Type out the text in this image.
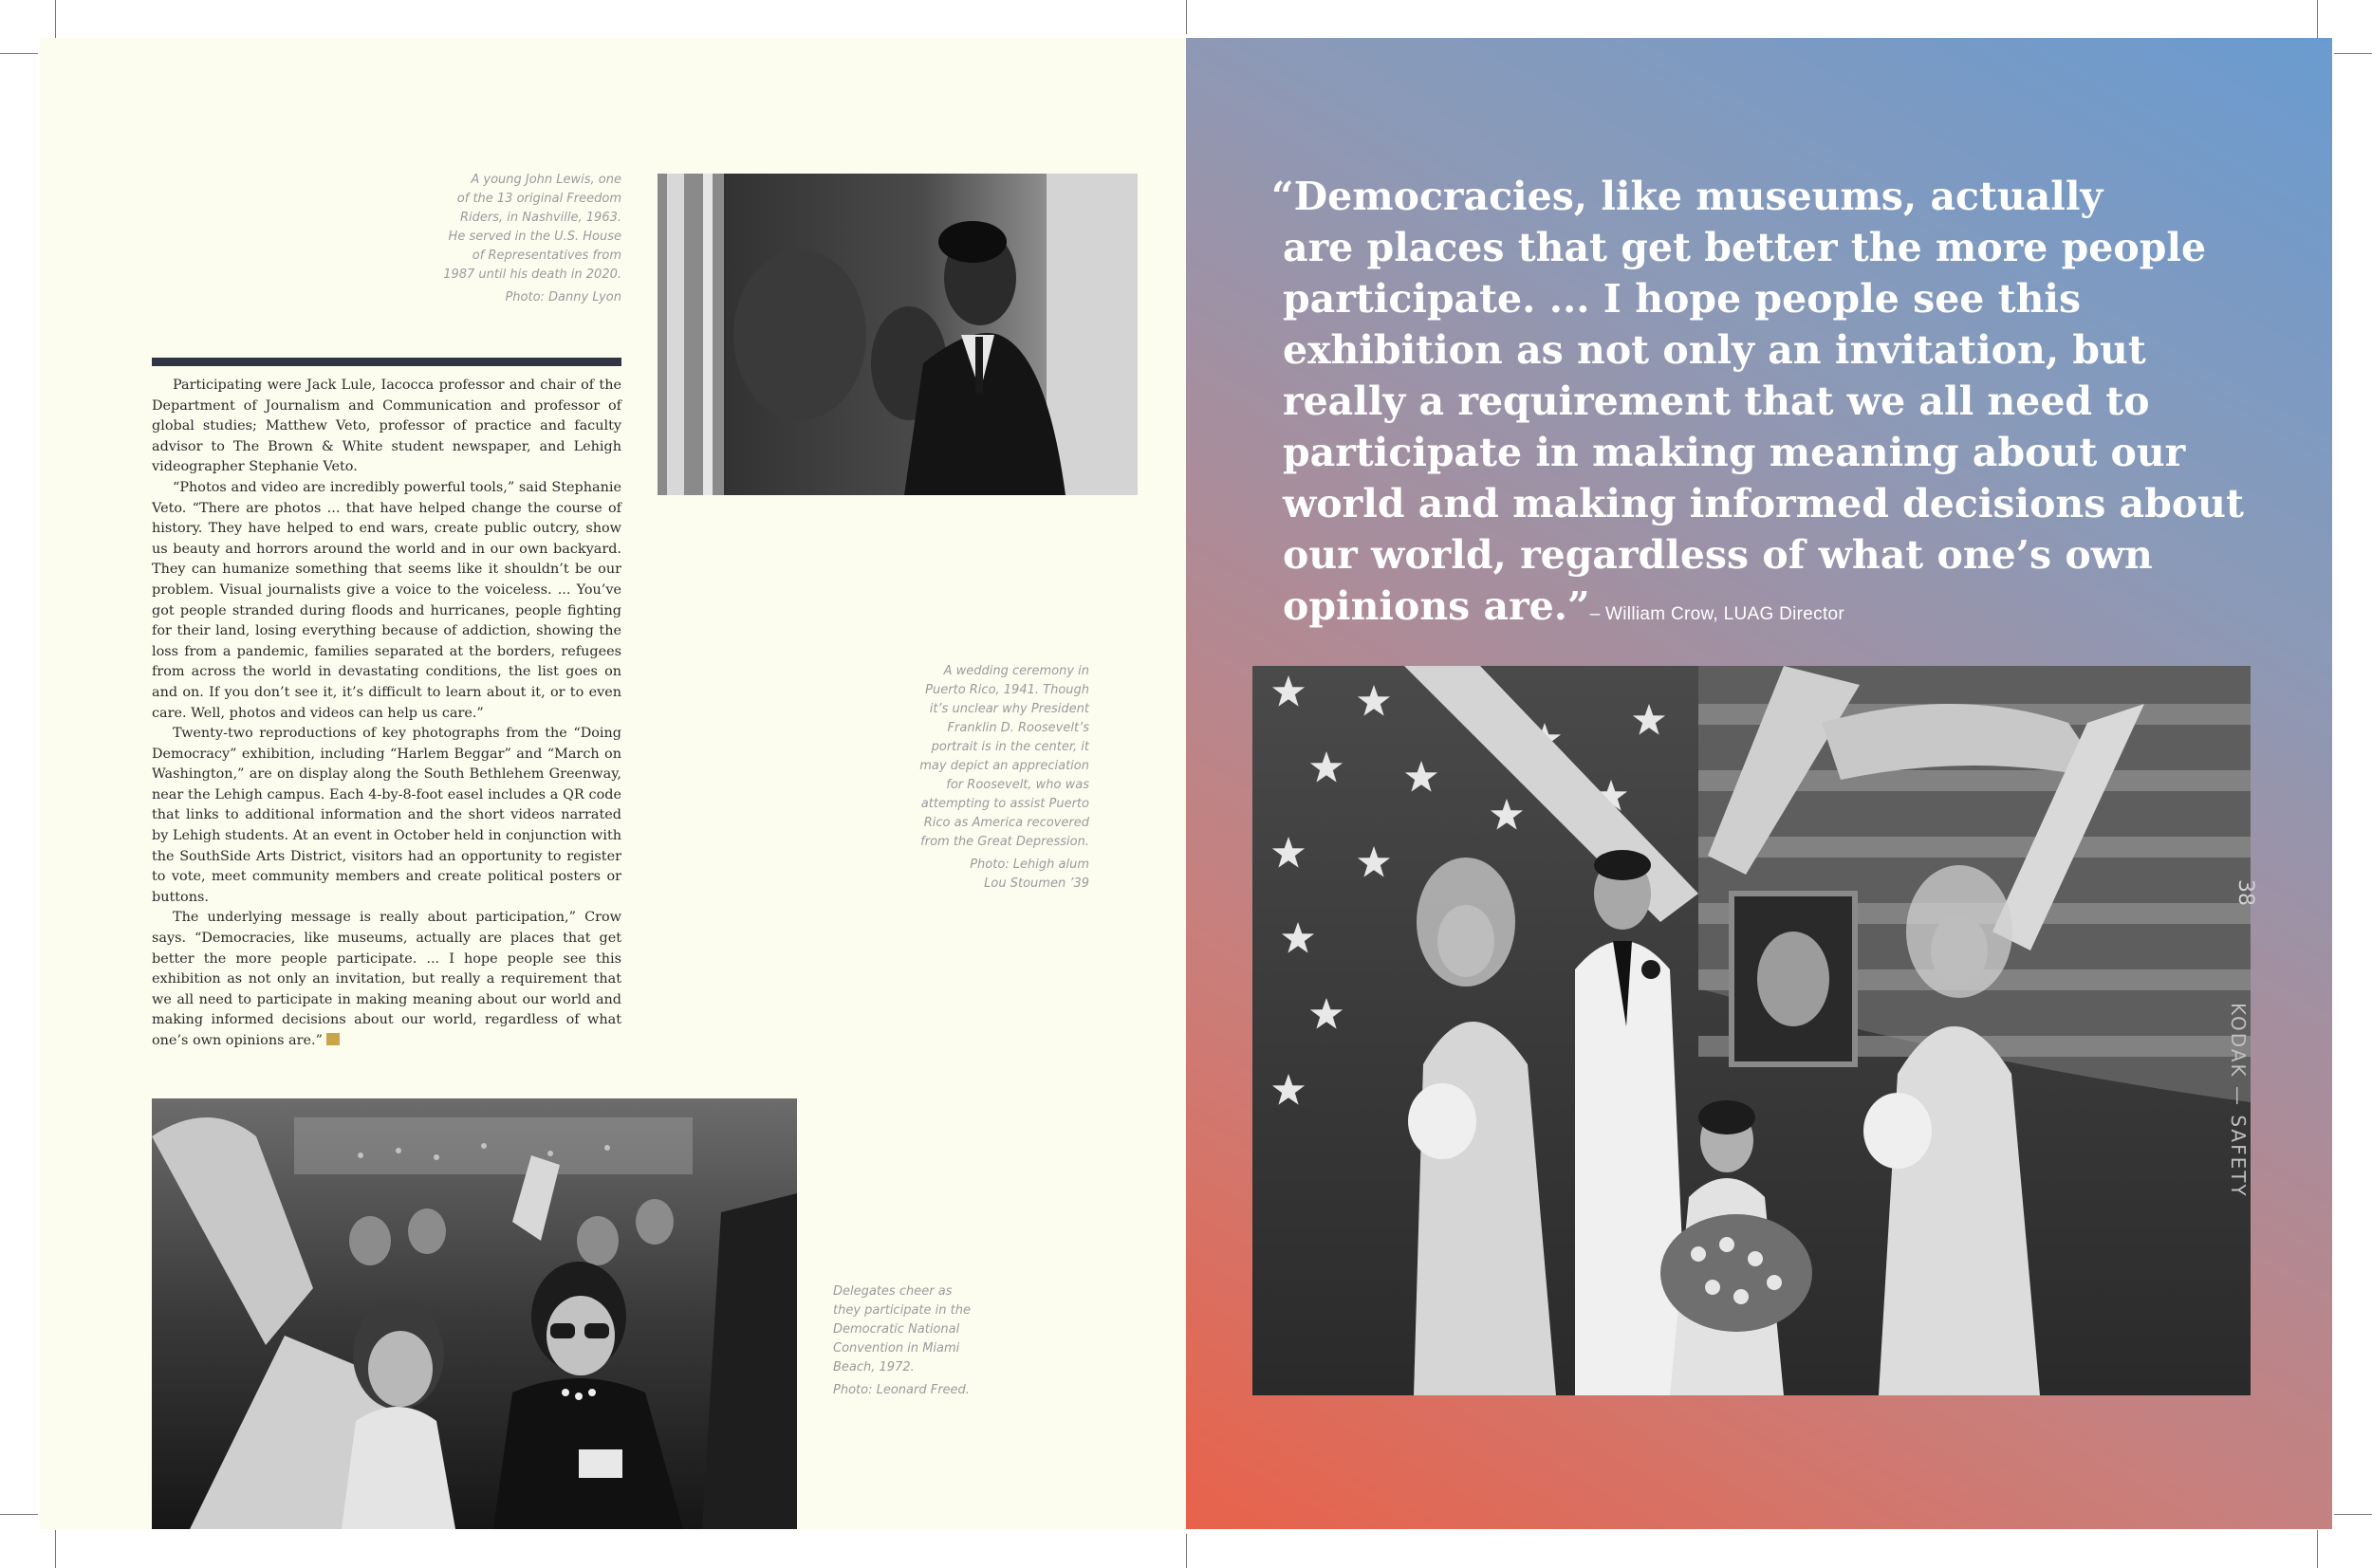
A young John Lewis, one

of the 13 original Freedom

Riders, in Nashville, 1963.

He served in the U.S. House

of Representatives from

1987 until his death in 2020.

Photo: Danny Lyon

Participating were Jack Lule, Iacocca professor and chair of the Department of Journalism and Communication and professor of global studies; Matthew Veto, professor of practice and faculty advisor to The Brown & White student newspaper, and Lehigh videographer Stephanie Veto.

“Photos and video are incredibly powerful tools,” said Stephanie Veto. “There are photos ... that have helped change the course of history. They have helped to end wars, create public outcry, show us beauty and horrors around the world and in our own backyard. They can humanize something that seems like it shouldn’t be our problem. Visual journalists give a voice to the voiceless. ... You’ve got people stranded during floods and hurricanes, people fighting for their land, losing everything because of addiction, showing the loss from a pandemic, families separated at the borders, refugees from across the world in devastating conditions, the list goes on and on. If you don’t see it, it’s difficult to learn about it, or to even care. Well, photos and videos can help us care.”

Twenty-two reproductions of key photographs from the “Doing Democracy” exhibition, including “Harlem Beggar” and “March on Washington,” are on display along the South Bethlehem Greenway, near the Lehigh campus. Each 4-by-8-foot easel includes a QR code that links to additional information and the short videos narrated by Lehigh students. At an event in October held in conjunction with the SouthSide Arts District, visitors had an opportunity to register to vote, meet community members and create political posters or buttons.

The underlying message is really about participation,” Crow says. “Democracies, like museums, actually are places that get better the more people participate. ... I hope people see this exhibition as not only an invitation, but really a requirement that we all need to participate in making meaning about our world and making informed decisions about our world, regardless of what one’s own opinions are.”

A wedding ceremony in

Puerto Rico, 1941. Though

it’s unclear why President

Franklin D. Roosevelt’s

portrait is in the center, it

may depict an appreciation

for Roosevelt, who was

attempting to assist Puerto

Rico as America recovered

from the Great Depression.

Photo: Lehigh alum

Lou Stoumen ’39

Delegates cheer as

they participate in the

Democratic National

Convention in Miami

Beach, 1972.

Photo: Leonard Freed.

“Democracies, like museums, actually
are places that get better the more people
participate. ... I hope people see this
exhibition as not only an invitation, but
really a requirement that we all need to
participate in making meaning about our
world and making informed decisions about
our world, regardless of what one’s own
opinions are.”– William Crow, LUAG Director
38
KODAK — SAFETY
